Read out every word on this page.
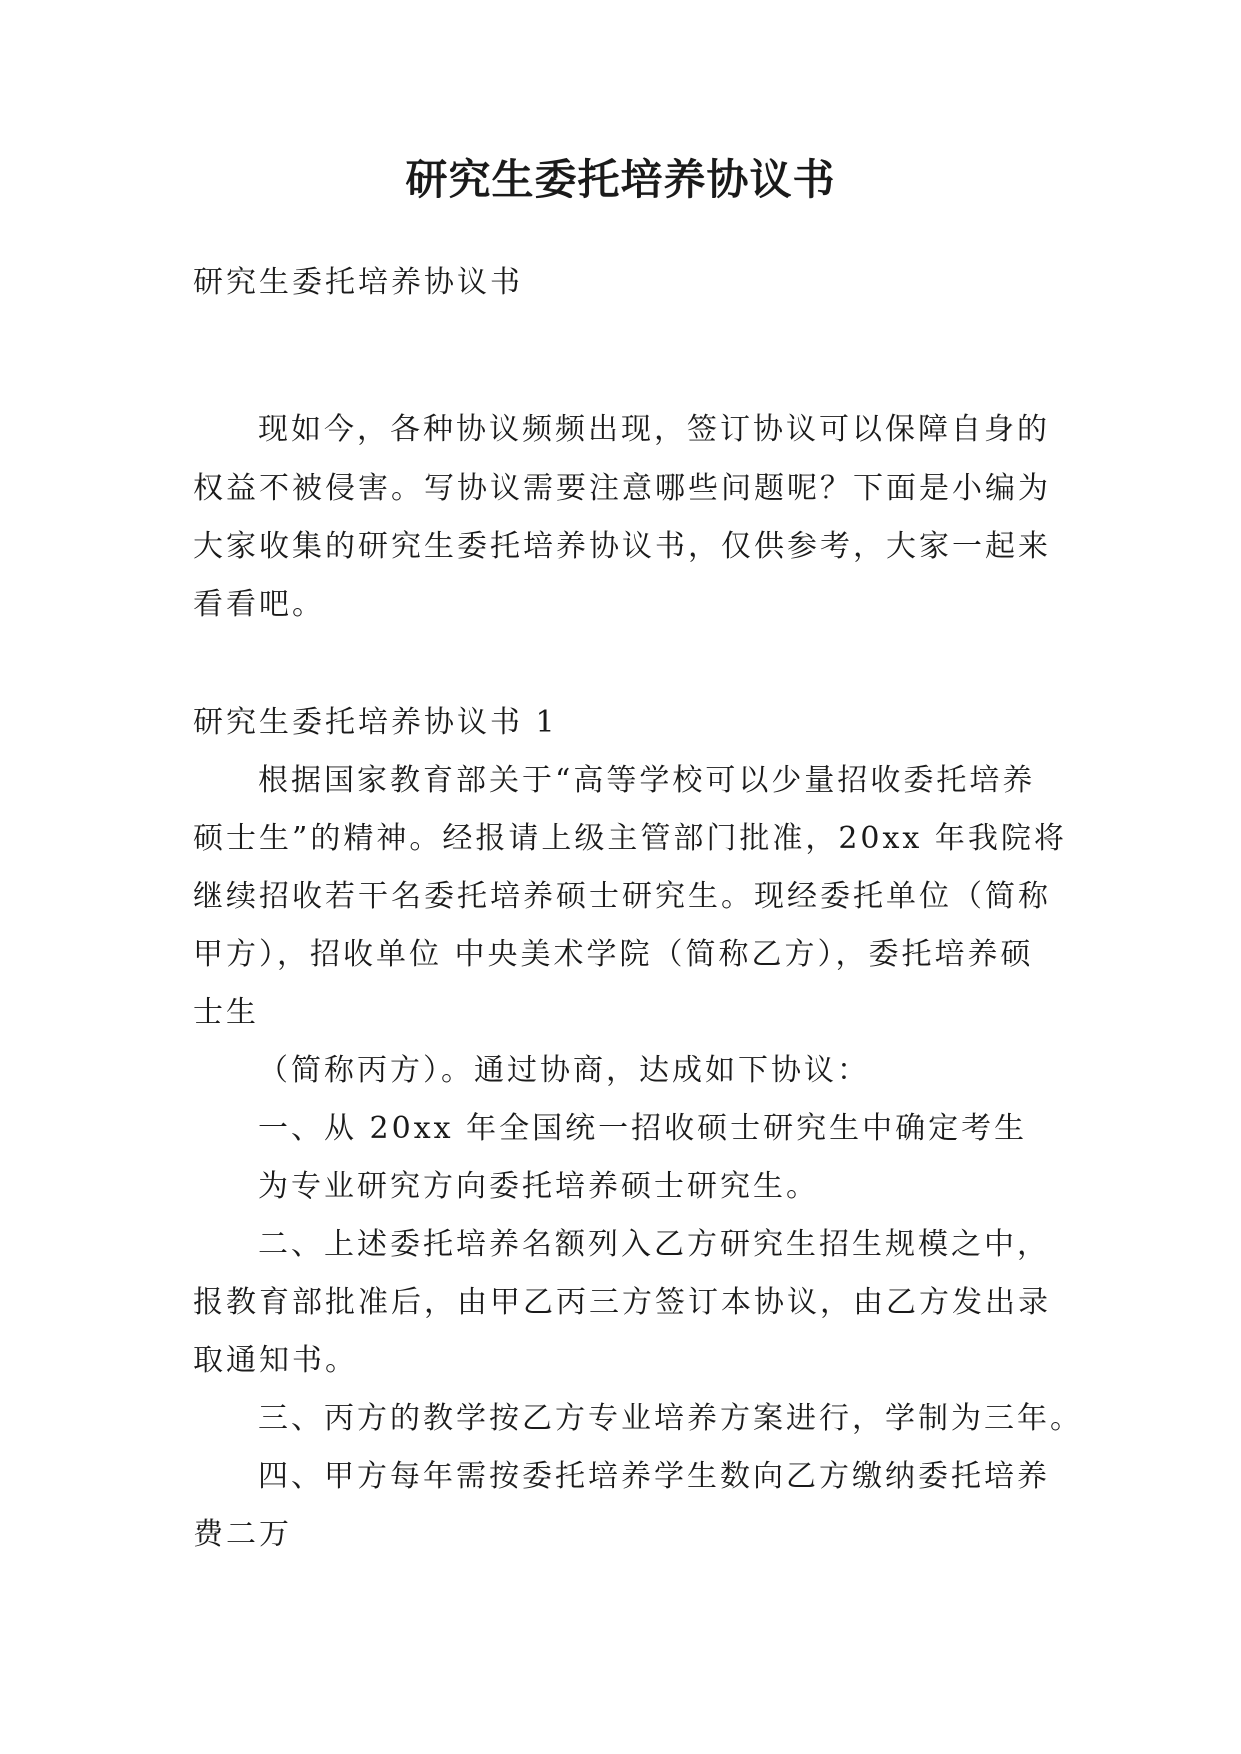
研究生委托培养协议书
研究生委托培养协议书
现如今，各种协议频频出现，签订协议可以保障自身的
权益不被侵害。写协议需要注意哪些问题呢？下面是小编为
大家收集的研究生委托培养协议书，仅供参考，大家一起来
看看吧。
研究生委托培养协议书 1
根据国家教育部关于“高等学校可以少量招收委托培养
硕士生”的精神。经报请上级主管部门批准，20xx 年我院将
继续招收若干名委托培养硕士研究生。现经委托单位（简称
甲方），招收单位 中央美术学院（简称乙方），委托培养硕
士生
（简称丙方）。通过协商，达成如下协议：
一、从 20xx 年全国统一招收硕士研究生中确定考生
为专业研究方向委托培养硕士研究生。
二、上述委托培养名额列入乙方研究生招生规模之中，
报教育部批准后，由甲乙丙三方签订本协议，由乙方发出录
取通知书。
三、丙方的教学按乙方专业培养方案进行，学制为三年。
四、甲方每年需按委托培养学生数向乙方缴纳委托培养
费二万
